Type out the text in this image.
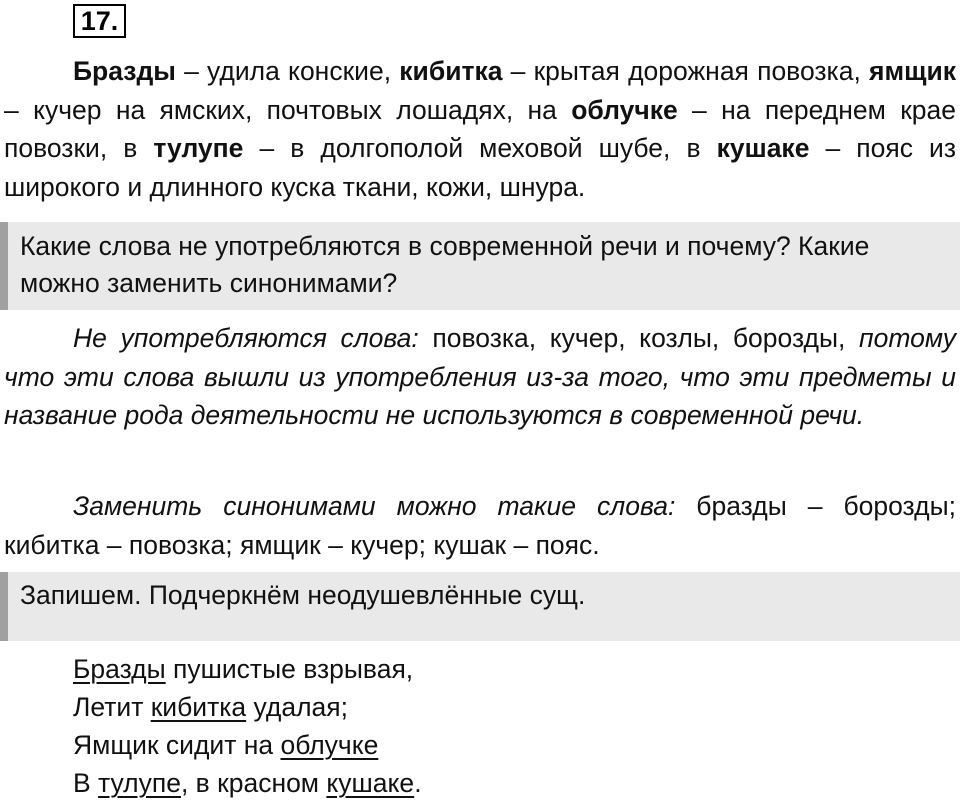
17.
Бразды – удила конские, кибитка – крытая дорожная повозка, ямщик – кучер на ямских, почтовых лошадях, на облучке – на переднем крае повозки, в тулупе – в долгополой меховой шубе, в кушаке – пояс из широкого и длинного куска ткани, кожи, шнура.
Какие слова не употребляются в современной речи и почему? Какие можно заменить синонимами?
Не употребляются слова: повозка, кучер, козлы, борозды, потому что эти слова вышли из употребления из-за того, что эти предметы и название рода деятельности не используются в современной речи.
Заменить синонимами можно такие слова: бразды – борозды; кибитка – повозка; ямщик – кучер; кушак – пояс.
Запишем. Подчеркнём неодушевлённые сущ.
Бразды пушистые взрывая,
Летит кибитка удалая;
Ямщик сидит на облучке
В тулупе, в красном кушаке.
